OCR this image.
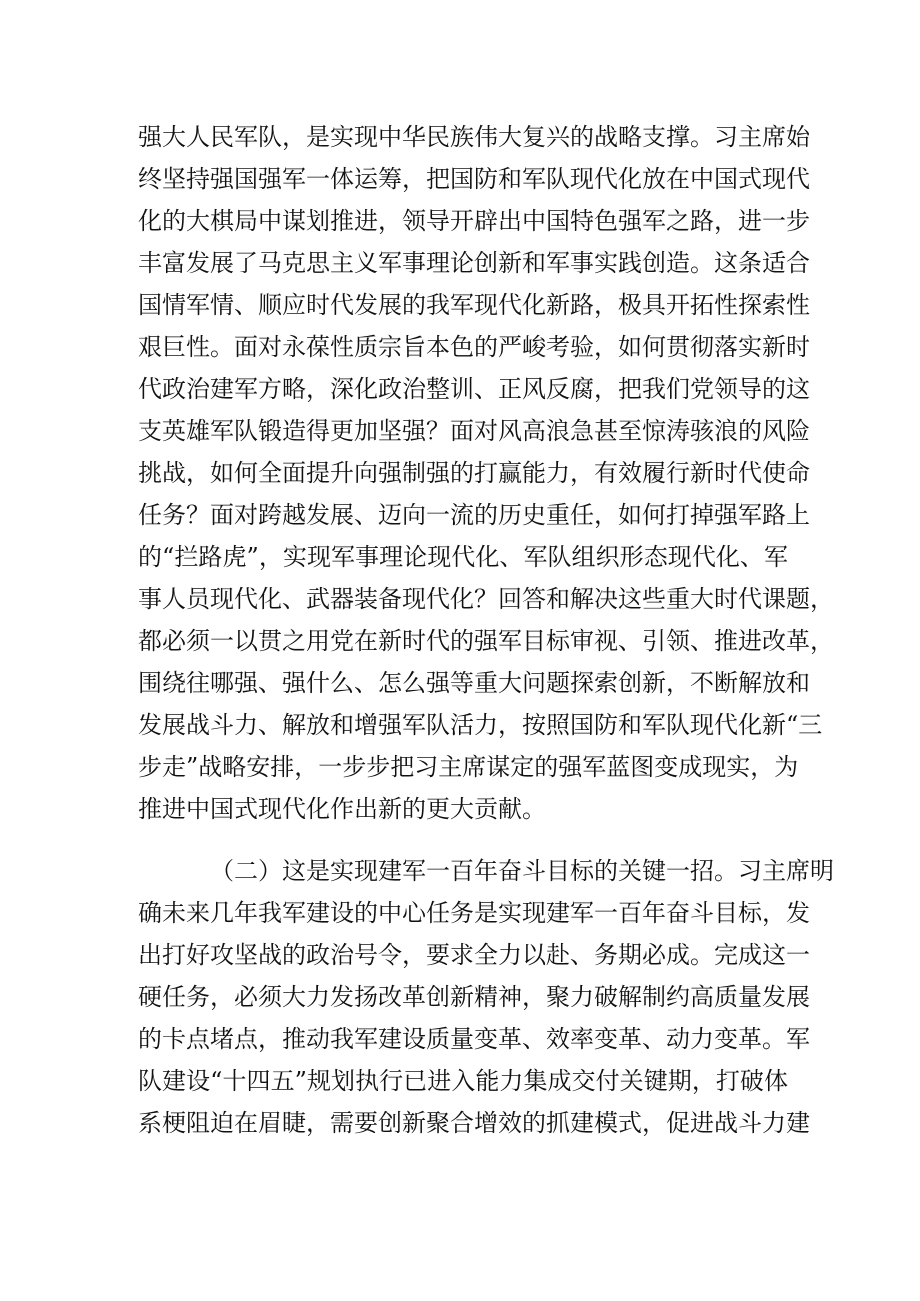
强大人民军队，是实现中华民族伟大复兴的战略支撑。习主席始
终坚持强国强军一体运筹，把国防和军队现代化放在中国式现代
化的大棋局中谋划推进，领导开辟出中国特色强军之路，进一步
丰富发展了马克思主义军事理论创新和军事实践创造。这条适合
国情军情、顺应时代发展的我军现代化新路，极具开拓性探索性
艰巨性。面对永葆性质宗旨本色的严峻考验，如何贯彻落实新时
代政治建军方略，深化政治整训、正风反腐，把我们党领导的这
支英雄军队锻造得更加坚强？面对风高浪急甚至惊涛骇浪的风险
挑战，如何全面提升向强制强的打赢能力，有效履行新时代使命
任务？面对跨越发展、迈向一流的历史重任，如何打掉强军路上
的“拦路虎”，实现军事理论现代化、军队组织形态现代化、军
事人员现代化、武器装备现代化？回答和解决这些重大时代课题，
都必须一以贯之用党在新时代的强军目标审视、引领、推进改革，
围绕往哪强、强什么、怎么强等重大问题探索创新，不断解放和
发展战斗力、解放和增强军队活力，按照国防和军队现代化新“三
步走”战略安排，一步步把习主席谋定的强军蓝图变成现实，为
推进中国式现代化作出新的更大贡献。
（二）这是实现建军一百年奋斗目标的关键一招。习主席明
确未来几年我军建设的中心任务是实现建军一百年奋斗目标，发
出打好攻坚战的政治号令，要求全力以赴、务期必成。完成这一
硬任务，必须大力发扬改革创新精神，聚力破解制约高质量发展
的卡点堵点，推动我军建设质量变革、效率变革、动力变革。军
队建设“十四五”规划执行已进入能力集成交付关键期，打破体
系梗阻迫在眉睫，需要创新聚合增效的抓建模式，促进战斗力建
